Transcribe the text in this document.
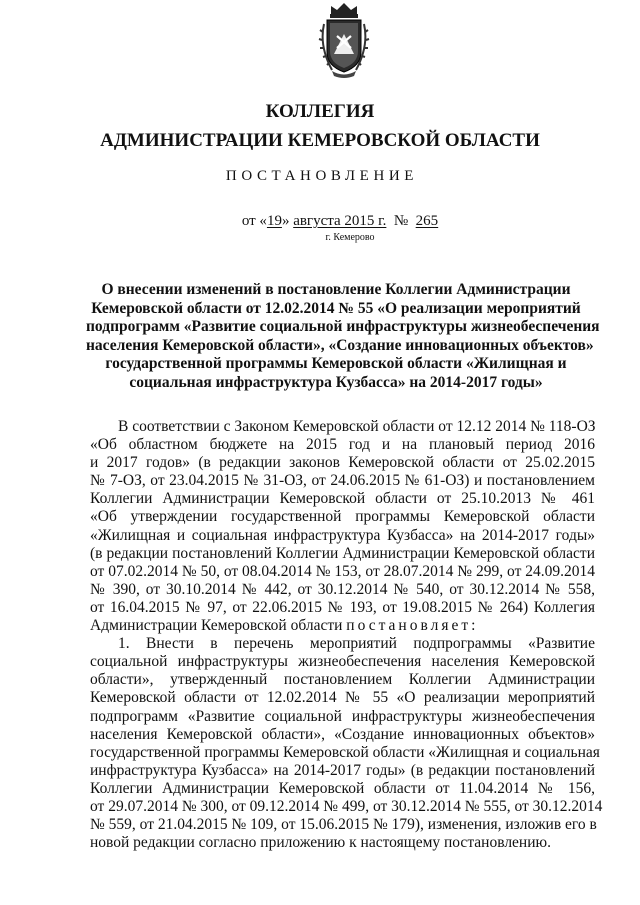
КОЛЛЕГИЯ
АДМИНИСТРАЦИИ КЕМЕРОВСКОЙ ОБЛАСТИ
ПОСТАНОВЛЕНИЕ
от «19» августа 2015 г. № 265
г. Кемерово
О внесении изменений в постановление Коллегии Администрации
Кемеровской области от 12.02.2014 № 55 «О реализации мероприятий
подпрограмм «Развитие социальной инфраструктуры жизнеобеспечения
населения Кемеровской области», «Создание инновационных объектов»
государственной программы Кемеровской области «Жилищная и
социальная инфраструктура Кузбасса» на 2014-2017 годы»
В соответствии с Законом Кемеровской области от 12.12 2014 № 118-ОЗ
«Об областном бюджете на 2015 год и на плановый период 2016
и 2017 годов» (в редакции законов Кемеровской области от 25.02.2015
№ 7-ОЗ, от 23.04.2015 № 31-ОЗ, от 24.06.2015 № 61-ОЗ) и постановлением
Коллегии Администрации Кемеровской области от 25.10.2013 № 461
«Об утверждении государственной программы Кемеровской области
«Жилищная и социальная инфраструктура Кузбасса» на 2014-2017 годы»
(в редакции постановлений Коллегии Администрации Кемеровской области
от 07.02.2014 № 50, от 08.04.2014 № 153, от 28.07.2014 № 299, от 24.09.2014
№ 390, от 30.10.2014 № 442, от 30.12.2014 № 540, от 30.12.2014 № 558,
от 16.04.2015 № 97, от 22.06.2015 № 193, от 19.08.2015 № 264) Коллегия
Администрации Кемеровской области постановляет:
1. Внести в перечень мероприятий подпрограммы «Развитие
социальной инфраструктуры жизнеобеспечения населения Кемеровской
области», утвержденный постановлением Коллегии Администрации
Кемеровской области от 12.02.2014 № 55 «О реализации мероприятий
подпрограмм «Развитие социальной инфраструктуры жизнеобеспечения
населения Кемеровской области», «Создание инновационных объектов»
государственной программы Кемеровской области «Жилищная и социальная
инфраструктура Кузбасса» на 2014-2017 годы» (в редакции постановлений
Коллегии Администрации Кемеровской области от 11.04.2014 № 156,
от 29.07.2014 № 300, от 09.12.2014 № 499, от 30.12.2014 № 555, от 30.12.2014
№ 559, от 21.04.2015 № 109, от 15.06.2015 № 179), изменения, изложив его в
новой редакции согласно приложению к настоящему постановлению.
